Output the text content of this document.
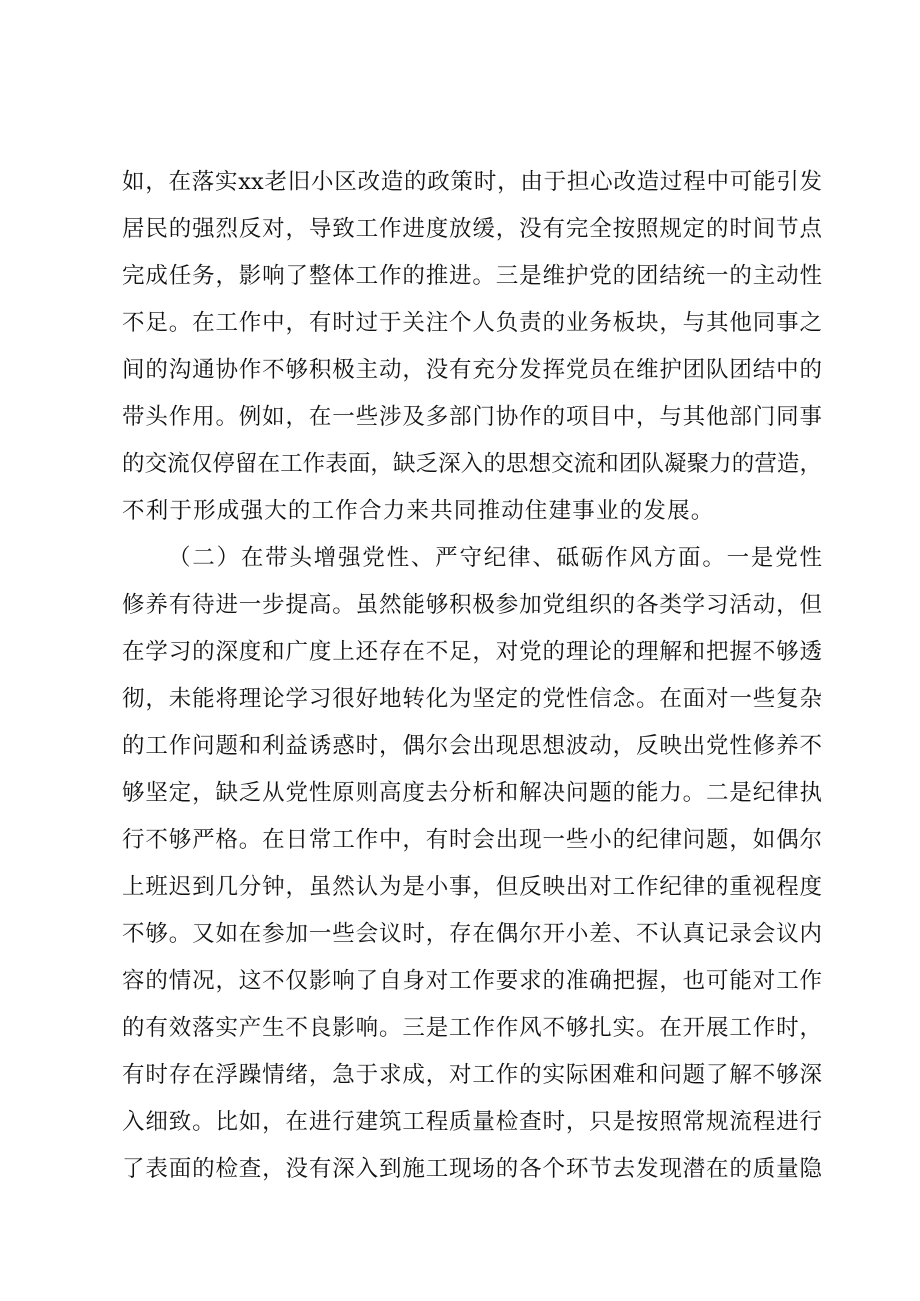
如，在落实xx老旧小区改造的政策时，由于担心改造过程中可能引发

居民的强烈反对，导致工作进度放缓，没有完全按照规定的时间节点

完成任务，影响了整体工作的推进。三是维护党的团结统一的主动性

不足。在工作中，有时过于关注个人负责的业务板块，与其他同事之

间的沟通协作不够积极主动，没有充分发挥党员在维护团队团结中的

带头作用。例如，在一些涉及多部门协作的项目中，与其他部门同事

的交流仅停留在工作表面，缺乏深入的思想交流和团队凝聚力的营造，

不利于形成强大的工作合力来共同推动住建事业的发展。

（二）在带头增强党性、严守纪律、砥砺作风方面。一是党性

修养有待进一步提高。虽然能够积极参加党组织的各类学习活动，但

在学习的深度和广度上还存在不足，对党的理论的理解和把握不够透

彻，未能将理论学习很好地转化为坚定的党性信念。在面对一些复杂

的工作问题和利益诱惑时，偶尔会出现思想波动，反映出党性修养不

够坚定，缺乏从党性原则高度去分析和解决问题的能力。二是纪律执

行不够严格。在日常工作中，有时会出现一些小的纪律问题，如偶尔

上班迟到几分钟，虽然认为是小事，但反映出对工作纪律的重视程度

不够。又如在参加一些会议时，存在偶尔开小差、不认真记录会议内

容的情况，这不仅影响了自身对工作要求的准确把握，也可能对工作

的有效落实产生不良影响。三是工作作风不够扎实。在开展工作时，

有时存在浮躁情绪，急于求成，对工作的实际困难和问题了解不够深

入细致。比如，在进行建筑工程质量检查时，只是按照常规流程进行

了表面的检查，没有深入到施工现场的各个环节去发现潜在的质量隐
